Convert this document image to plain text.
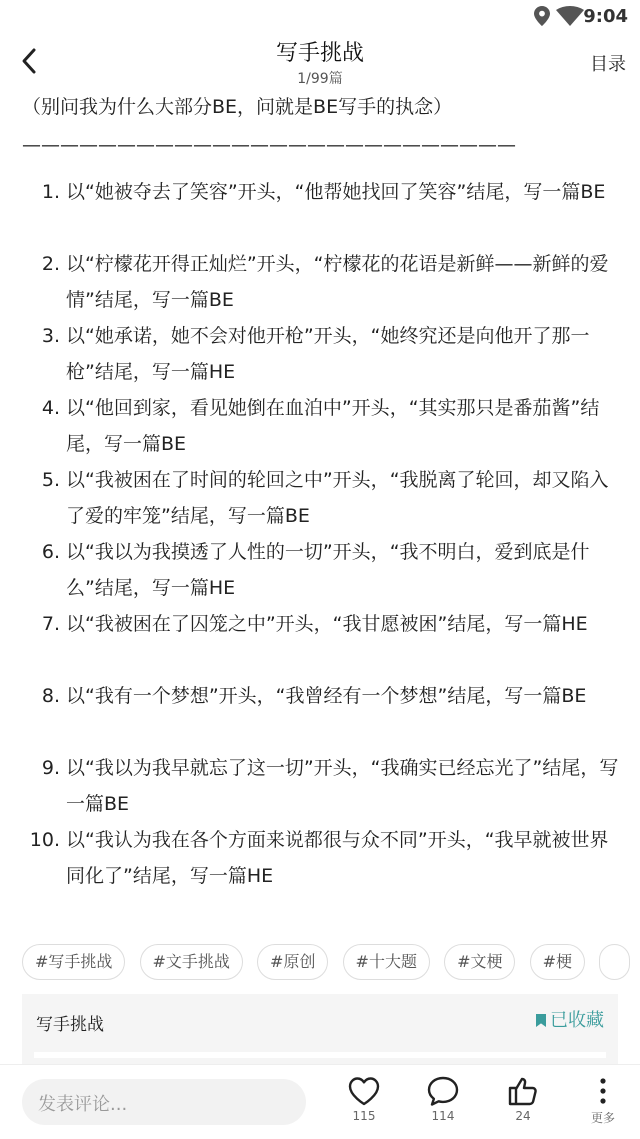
9:04
写手挑战
1/99篇
目录

（别问我为什么大部分BE，问就是BE写手的执念）

——————————————————————————
1. 以“她被夺去了笑容”开头，“他帮她找回了笑容”结尾，写一篇BE
2. 以“柠檬花开得正灿烂”开头，“柠檬花的花语是新鲜——新鲜的爱情”结尾，写一篇BE
3. 以“她承诺，她不会对他开枪”开头，“她终究还是向他开了那一枪”结尾，写一篇HE
4. 以“他回到家，看见她倒在血泊中”开头，“其实那只是番茄酱”结尾，写一篇BE
5. 以“我被困在了时间的轮回之中”开头，“我脱离了轮回，却又陷入了爱的牢笼”结尾，写一篇BE
6. 以“我以为我摸透了人性的一切”开头，“我不明白，爱到底是什么”结尾，写一篇HE
7. 以“我被困在了囚笼之中”开头，“我甘愿被困”结尾，写一篇HE
8. 以“我有一个梦想”开头，“我曾经有一个梦想”结尾，写一篇BE
9. 以“我以为我早就忘了这一切”开头，“我确实已经忘光了”结尾，写一篇BE
10. 以“我认为我在各个方面来说都很与众不同”开头，“我早就被世界同化了”结尾，写一篇HE
#写手挑战	#文手挑战	#原创	#十大题	#文梗	#梗
写手挑战	已收藏
发表评论...
115	114	24	更多
